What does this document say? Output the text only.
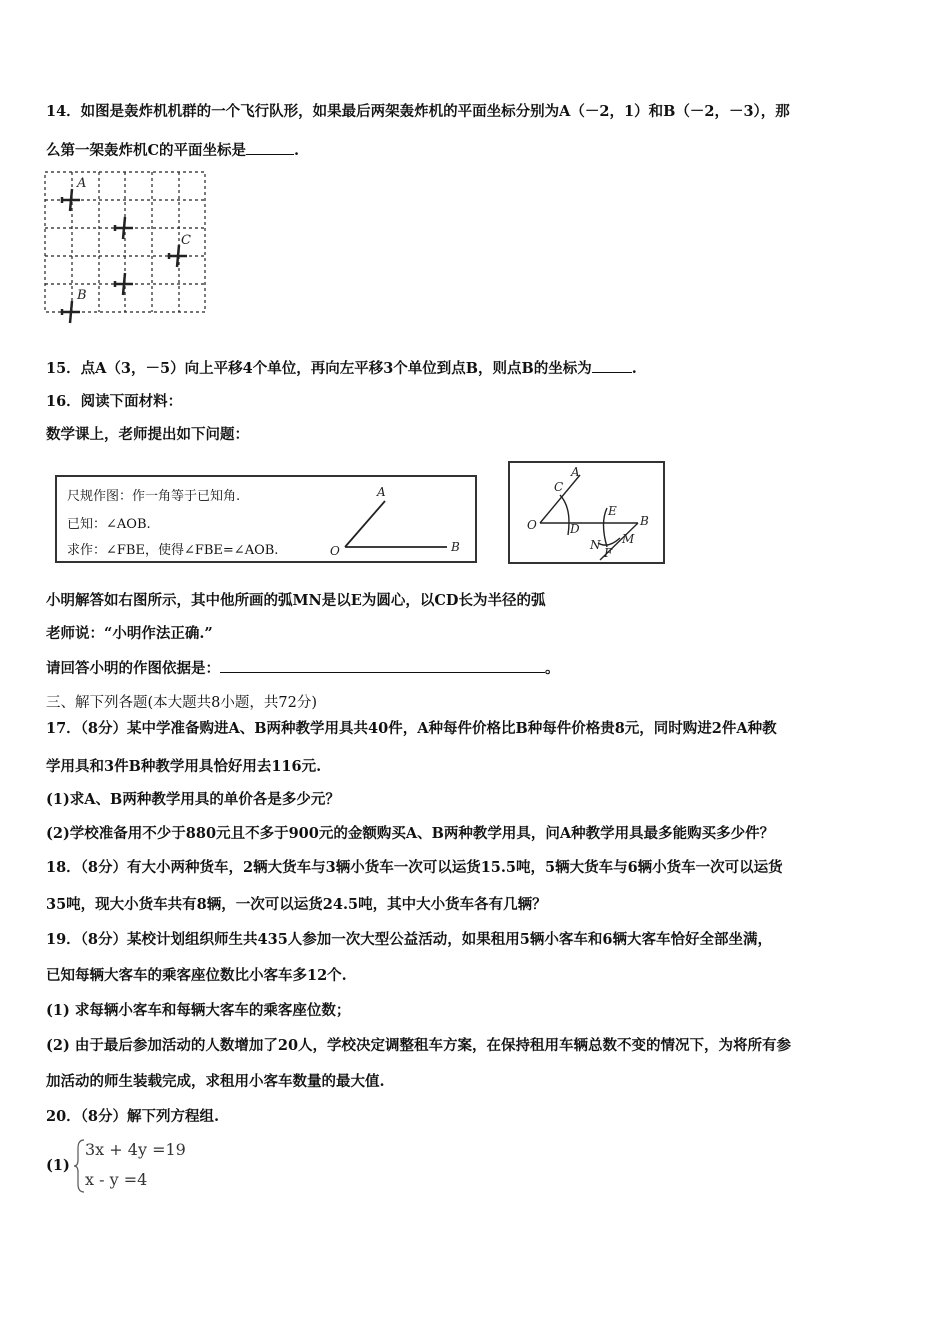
14．如图是轰炸机机群的一个飞行队形，如果最后两架轰炸机的平面坐标分别为A（－2，1）和B（－2，－3），那
么第一架轰炸机C的平面坐标是	.
A
C
B
15．点A（3，－5）向上平移4个单位，再向左平移3个单位到点B，则点B的坐标为	.
16．阅读下面材料：
数学课上，老师提出如下问题：
尺规作图：作一角等于已知角.
已知：∠AOB.
求作：∠FBE，使得∠FBE=∠AOB.
A
O	B
A
C
O	D
E
B
N
F
M
小明解答如右图所示，其中他所画的弧MN是以E为圆心，以CD长为半径的弧
老师说：“小明作法正确.”
请回答小明的作图依据是：	。
三、解下列各题(本大题共8小题，共72分)
17．（8分）某中学准备购进A、B两种教学用具共40件，A种每件价格比B种每件价格贵8元，同时购进2件A种教
学用具和3件B种教学用具恰好用去116元.
(1)求A、B两种教学用具的单价各是多少元？
(2)学校准备用不少于880元且不多于900元的金额购买A、B两种教学用具，问A种教学用具最多能购买多少件？
18．（8分）有大小两种货车，2辆大货车与3辆小货车一次可以运货15.5吨，5辆大货车与6辆小货车一次可以运货
35吨，现大小货车共有8辆，一次可以运货24.5吨，其中大小货车各有几辆？
19．（8分）某校计划组织师生共435人参加一次大型公益活动，如果租用5辆小客车和6辆大客车恰好全部坐满，
已知每辆大客车的乘客座位数比小客车多12个.
(1) 求每辆小客车和每辆大客车的乘客座位数；
(2) 由于最后参加活动的人数增加了20人，学校决定调整租车方案，在保持租用车辆总数不变的情况下，为将所有参
加活动的师生装载完成，求租用小客车数量的最大值.
20．（8分）解下列方程组.
(1)
3x + 4y =19
x - y =4
